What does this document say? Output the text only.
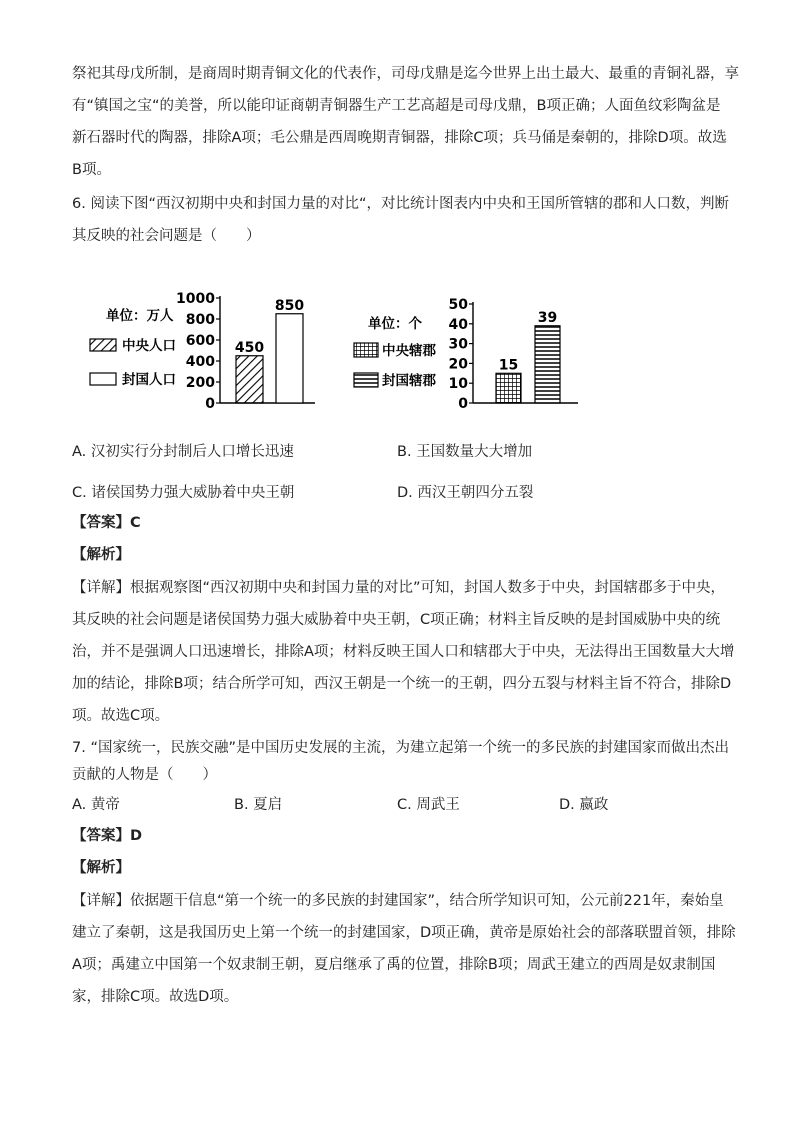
祭祀其母戊所制，是商周时期青铜文化的代表作，司母戊鼎是迄今世界上出土最大、最重的青铜礼器，享
有“镇国之宝“的美誉，所以能印证商朝青铜器生产工艺高超是司母戊鼎，B项正确；人面鱼纹彩陶盆是
新石器时代的陶器，排除A项；毛公鼎是西周晚期青铜器，排除C项；兵马俑是秦朝的，排除D项。故选
B项。
6. 阅读下图“西汉初期中央和封国力量的对比“，对比统计图表内中央和王国所管辖的郡和人口数，判断
其反映的社会问题是（　　）
单位：万人
中央人口
封国人口
0
200
400
600
800
1000
450
850
单位：个
中央辖郡
封国辖郡
0
10
20
30
40
50
15
39
A. 汉初实行分封制后人口增长迅速	B. 王国数量大大增加
C. 诸侯国势力强大威胁着中央王朝	D. 西汉王朝四分五裂
【答案】C
【解析】
【详解】根据观察图“西汉初期中央和封国力量的对比”可知，封国人数多于中央，封国辖郡多于中央，
其反映的社会问题是诸侯国势力强大威胁着中央王朝，C项正确；材料主旨反映的是封国威胁中央的统
治，并不是强调人口迅速增长，排除A项；材料反映王国人口和辖郡大于中央，无法得出王国数量大大增
加的结论，排除B项；结合所学可知，西汉王朝是一个统一的王朝，四分五裂与材料主旨不符合，排除D
项。故选C项。
7. “国家统一，民族交融”是中国历史发展的主流，为建立起第一个统一的多民族的封建国家而做出杰出
贡献的人物是（　　）
A. 黄帝	B. 夏启	C. 周武王	D. 嬴政
【答案】D
【解析】
【详解】依据题干信息“第一个统一的多民族的封建国家”，结合所学知识可知，公元前221年，秦始皇
建立了秦朝，这是我国历史上第一个统一的封建国家，D项正确，黄帝是原始社会的部落联盟首领，排除
A项；禹建立中国第一个奴隶制王朝，夏启继承了禹的位置，排除B项；周武王建立的西周是奴隶制国
家，排除C项。故选D项。
